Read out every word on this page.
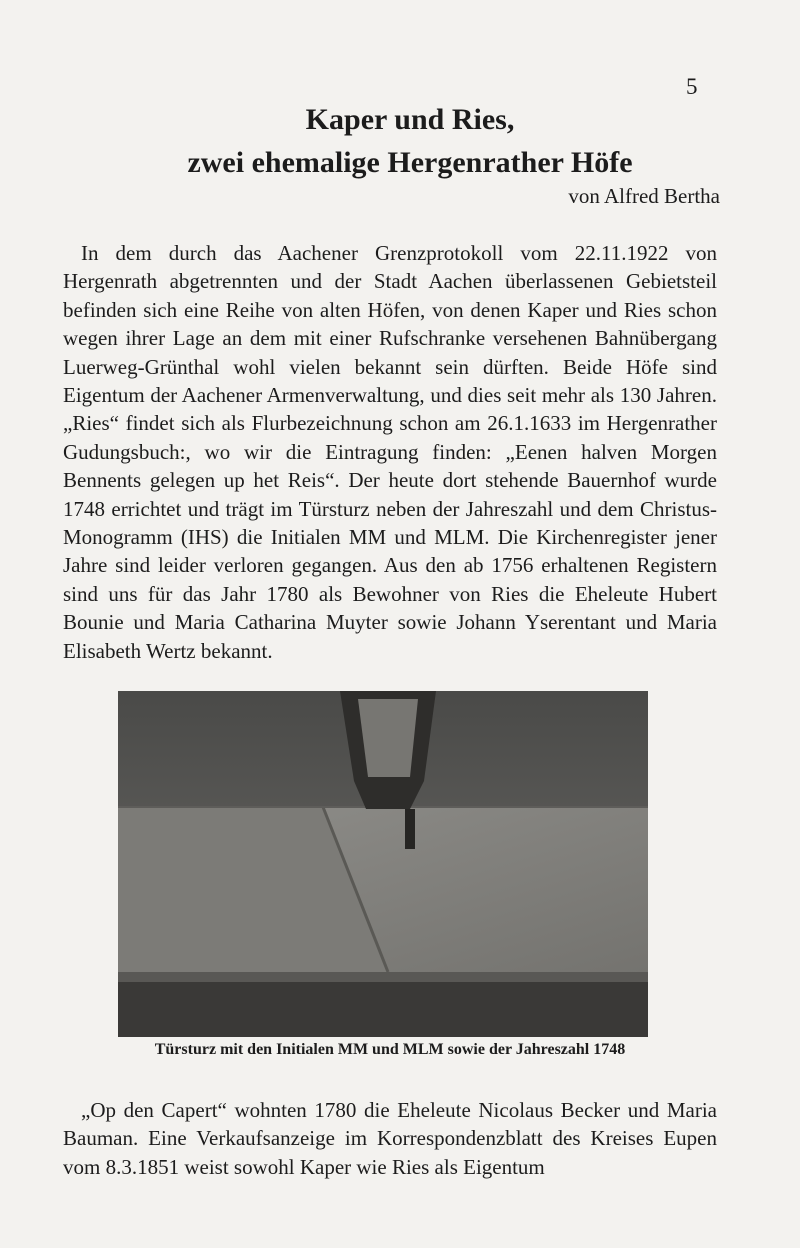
5
Kaper und Ries,
zwei ehemalige Hergenrather Höfe
von Alfred Bertha

In dem durch das Aachener Grenzprotokoll vom 22.11.1922 von Hergenrath abgetrennten und der Stadt Aachen überlassenen Gebietsteil befinden sich eine Reihe von alten Höfen, von denen Kaper und Ries schon wegen ihrer Lage an dem mit einer Rufschranke versehenen Bahnübergang Luerweg-Grünthal wohl vielen bekannt sein dürften. Beide Höfe sind Eigentum der Aachener Armenverwaltung, und dies seit mehr als 130 Jahren. „Ries“ findet sich als Flurbezeichnung schon am 26.1.1633 im Hergenrather Gudungsbuch:, wo wir die Eintragung finden: „Eenen halven Morgen Bennents gelegen up het Reis“. Der heute dort stehende Bauernhof wurde 1748 errichtet und trägt im Türsturz neben der Jahreszahl und dem Christus-Monogramm (IHS) die Initialen MM und MLM. Die Kirchenregister jener Jahre sind leider verloren gegangen. Aus den ab 1756 erhaltenen Registern sind uns für das Jahr 1780 als Bewohner von Ries die Eheleute Hubert Bounie und Maria Catharina Muyter sowie Johann Yserentant und Maria Elisabeth Wertz bekannt.

Türsturz mit den Initialen MM und MLM sowie der Jahreszahl 1748

„Op den Capert“ wohnten 1780 die Eheleute Nicolaus Becker und Maria Bauman. Eine Verkaufsanzeige im Korrespondenzblatt des Kreises Eupen vom 8.3.1851 weist sowohl Kaper wie Ries als Eigentum
